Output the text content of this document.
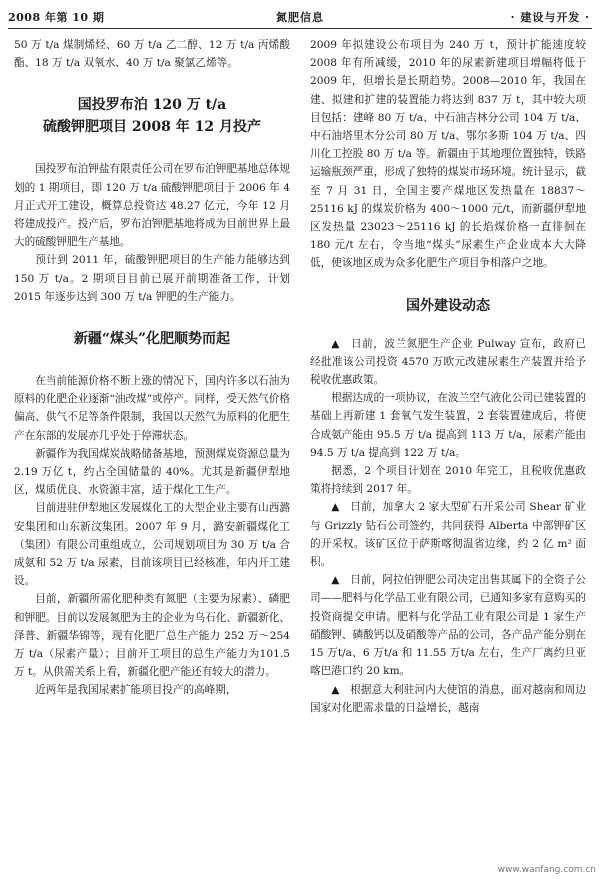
2008 年第 10 期	氮肥信息	· 建设与开发 ·

50 万 t/a 煤制烯烃、60 万 t/a 乙二醇、12 万 t/a 丙烯酸酯、18 万 t/a 双氧水、40 万 t/a 聚氯乙烯等。

国投罗布泊 120 万 t/a
硫酸钾肥项目 2008 年 12 月投产

国投罗布泊钾盐有限责任公司在罗布泊钾肥基地总体规划的 1 期项目，即 120 万 t/a 硫酸钾肥项目于 2006 年 4 月正式开工建设，概算总投资达 48.27 亿元，今年 12 月将建成投产。投产后，罗布泊钾肥基地将成为目前世界上最大的硫酸钾肥生产基地。

预计到 2011 年，硫酸钾肥项目的生产能力能够达到 150 万 t/a。2 期项目目前已展开前期准备工作，计划 2015 年逐步达到 300 万 t/a 钾肥的生产能力。

新疆“煤头”化肥顺势而起

在当前能源价格不断上涨的情况下，国内许多以石油为原料的化肥企业逐渐“油改煤”或停产。同样，受天然气价格偏高、供气不足等条件限制，我国以天然气为原料的化肥生产在东部的发展亦几乎处于停滞状态。

新疆作为我国煤炭战略储备基地，预测煤炭资源总量为 2.19 万亿 t，约占全国储量的 40%。尤其是新疆伊犁地区，煤质优良、水资源丰富，适于煤化工生产。

目前进驻伊犁地区发展煤化工的大型企业主要有山西潞安集团和山东新汶集团。2007 年 9 月，潞安新疆煤化工（集团）有限公司重组成立，公司规划项目为 30 万 t/a 合成氨和 52 万 t/a 尿素，目前该项目已经核准，年内开工建设。

目前，新疆所需化肥种类有氮肥（主要为尿素）、磷肥和钾肥。目前以发展氮肥为主的企业为乌石化、新疆新化、泽普、新疆华锦等，现有化肥厂总生产能力 252 万～254 万 t/a（尿素产量）；目前开工项目的总生产能力为101.5 万 t。从供需关系上看，新疆化肥产能还有较大的潜力。

近两年是我国尿素扩能项目投产的高峰期，

2009 年拟建设公布项目为 240 万 t，预计扩能速度较 2008 年有所减缓，2010 年的尿素新建项目增幅将低于 2009 年，但增长是长期趋势。2008—2010 年，我国在建、拟建和扩建的装置能力将达到 837 万 t，其中较大项目包括：建峰 80 万 t/a、中石油吉林分公司 104 万 t/a、中石油塔里木分公司 80 万 t/a、鄂尔多斯 104 万 t/a、四川化工控股 80 万 t/a 等。新疆由于其地理位置独特，铁路运输瓶颈严重，形成了独特的煤炭市场环境。统计显示，截至 7 月 31 日，全国主要产煤地区发热量在 18837～25116 kJ 的煤炭价格为 400～1000 元/t，而新疆伊犁地区发热量 23023～25116 kJ 的长焰煤价格一直徘徊在 180 元/t 左右，令当地“煤头”尿素生产企业成本大大降低，使该地区成为众多化肥生产项目争相落户之地。

国外建设动态

▲　日前，波兰氮肥生产企业 Pulway 宣布，政府已经批准该公司投资 4570 万欧元改建尿素生产装置并给予税收优惠政策。

根据达成的一项协议，在波兰空气液化公司已建装置的基础上再新建 1 套氧气发生装置，2 套装置建成后，将使合成氨产能由 95.5 万 t/a 提高到 113 万 t/a，尿素产能由 94.5 万 t/a 提高到 122 万 t/a。

据悉，2 个项目计划在 2010 年完工，且税收优惠政策将持续到 2017 年。

▲　日前，加拿大 2 家大型矿石开采公司 Shear 矿业与 Grizzly 钻石公司签约，共同获得 Alberta 中部钾矿区的开采权。该矿区位于萨斯喀彻温省边缘，约 2 亿 m² 面积。

▲　日前，阿拉伯钾肥公司决定出售其属下的全资子公司——肥料与化学品工业有限公司，已通知多家有意购买的投资商提交申请。肥料与化学品工业有限公司是 1 家生产硝酸钾、磷酸钙以及硝酸等产品的公司，各产品产能分别在 15 万t/a、6 万t/a 和 11.55 万t/a 左右，生产厂离约旦亚喀巴港口约 20 km。

▲　根据意大利驻河内大使馆的消息，面对越南和周边国家对化肥需求量的日益增长，越南

www.wanfang.com.cn
